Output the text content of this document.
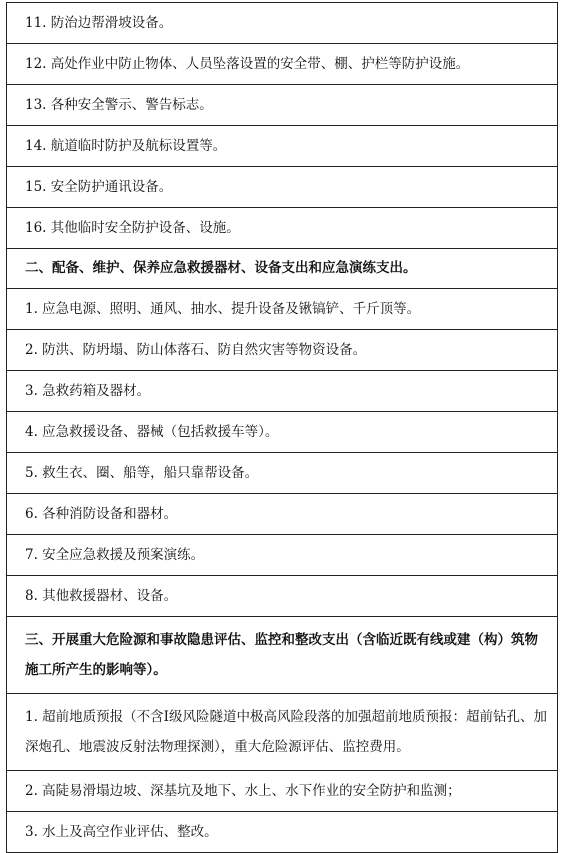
11. 防治边帮滑坡设备。
12. 高处作业中防止物体、人员坠落设置的安全带、棚、护栏等防护设施。
13. 各种安全警示、警告标志。
14. 航道临时防护及航标设置等。
15. 安全防护通讯设备。
16. 其他临时安全防护设备、设施。
二、配备、维护、保养应急救援器材、设备支出和应急演练支出。
1. 应急电源、照明、通风、抽水、提升设备及锹镐铲、千斤顶等。
2. 防洪、防坍塌、防山体落石、防自然灾害等物资设备。
3. 急救药箱及器材。
4. 应急救援设备、器械（包括救援车等）。
5. 救生衣、圈、船等，船只靠帮设备。
6. 各种消防设备和器材。
7. 安全应急救援及预案演练。
8. 其他救援器材、设备。
三、开展重大危险源和事故隐患评估、监控和整改支出（含临近既有线或建（构）筑物施工所产生的影响等）。
1. 超前地质预报（不含Ⅰ级风险隧道中极高风险段落的加强超前地质预报：超前钻孔、加深炮孔、地震波反射法物理探测），重大危险源评估、监控费用。
2. 高陡易滑塌边坡、深基坑及地下、水上、水下作业的安全防护和监测；
3. 水上及高空作业评估、整改。
